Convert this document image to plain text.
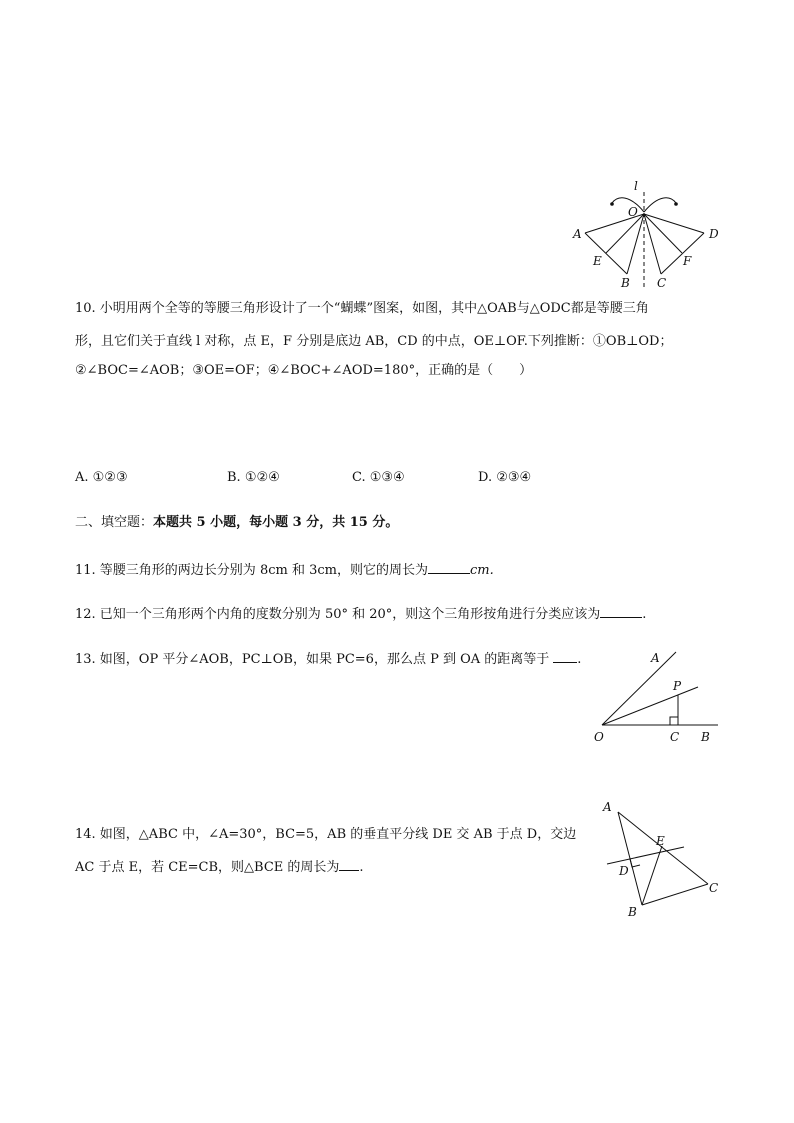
l
O
A	D
E	F
B C
10. 小明用两个全等的等腰三角形设计了一个“蝴蝶”图案，如图，其中△OAB与△ODC都是等腰三角
形，且它们关于直线 l 对称，点 E，F 分别是底边 AB，CD 的中点，OE⊥OF.下列推断：①OB⊥OD；
②∠BOC=∠AOB；③OE=OF；④∠BOC+∠AOD=180°，正确的是（　　）
A. ①②③	B. ①②④	C. ①③④	D. ②③④
二、填空题：本题共 5 小题，每小题 3 分，共 15 分。
11. 等腰三角形的两边长分别为 8cm 和 3cm，则它的周长为	cm.
12. 已知一个三角形两个内角的度数分别为 50° 和 20°，则这个三角形按角进行分类应该为	.
13. 如图，OP 平分∠AOB，PC⊥OB，如果 PC=6，那么点 P 到 OA 的距离等于 .	A
P
O	C B
14. 如图，△ABC 中，∠A=30°，BC=5，AB 的垂直平分线 DE 交 AB 于点 D，交边
AC 于点 E，若 CE=CB，则△BCE 的周长为 .
A
E
D
C
B
